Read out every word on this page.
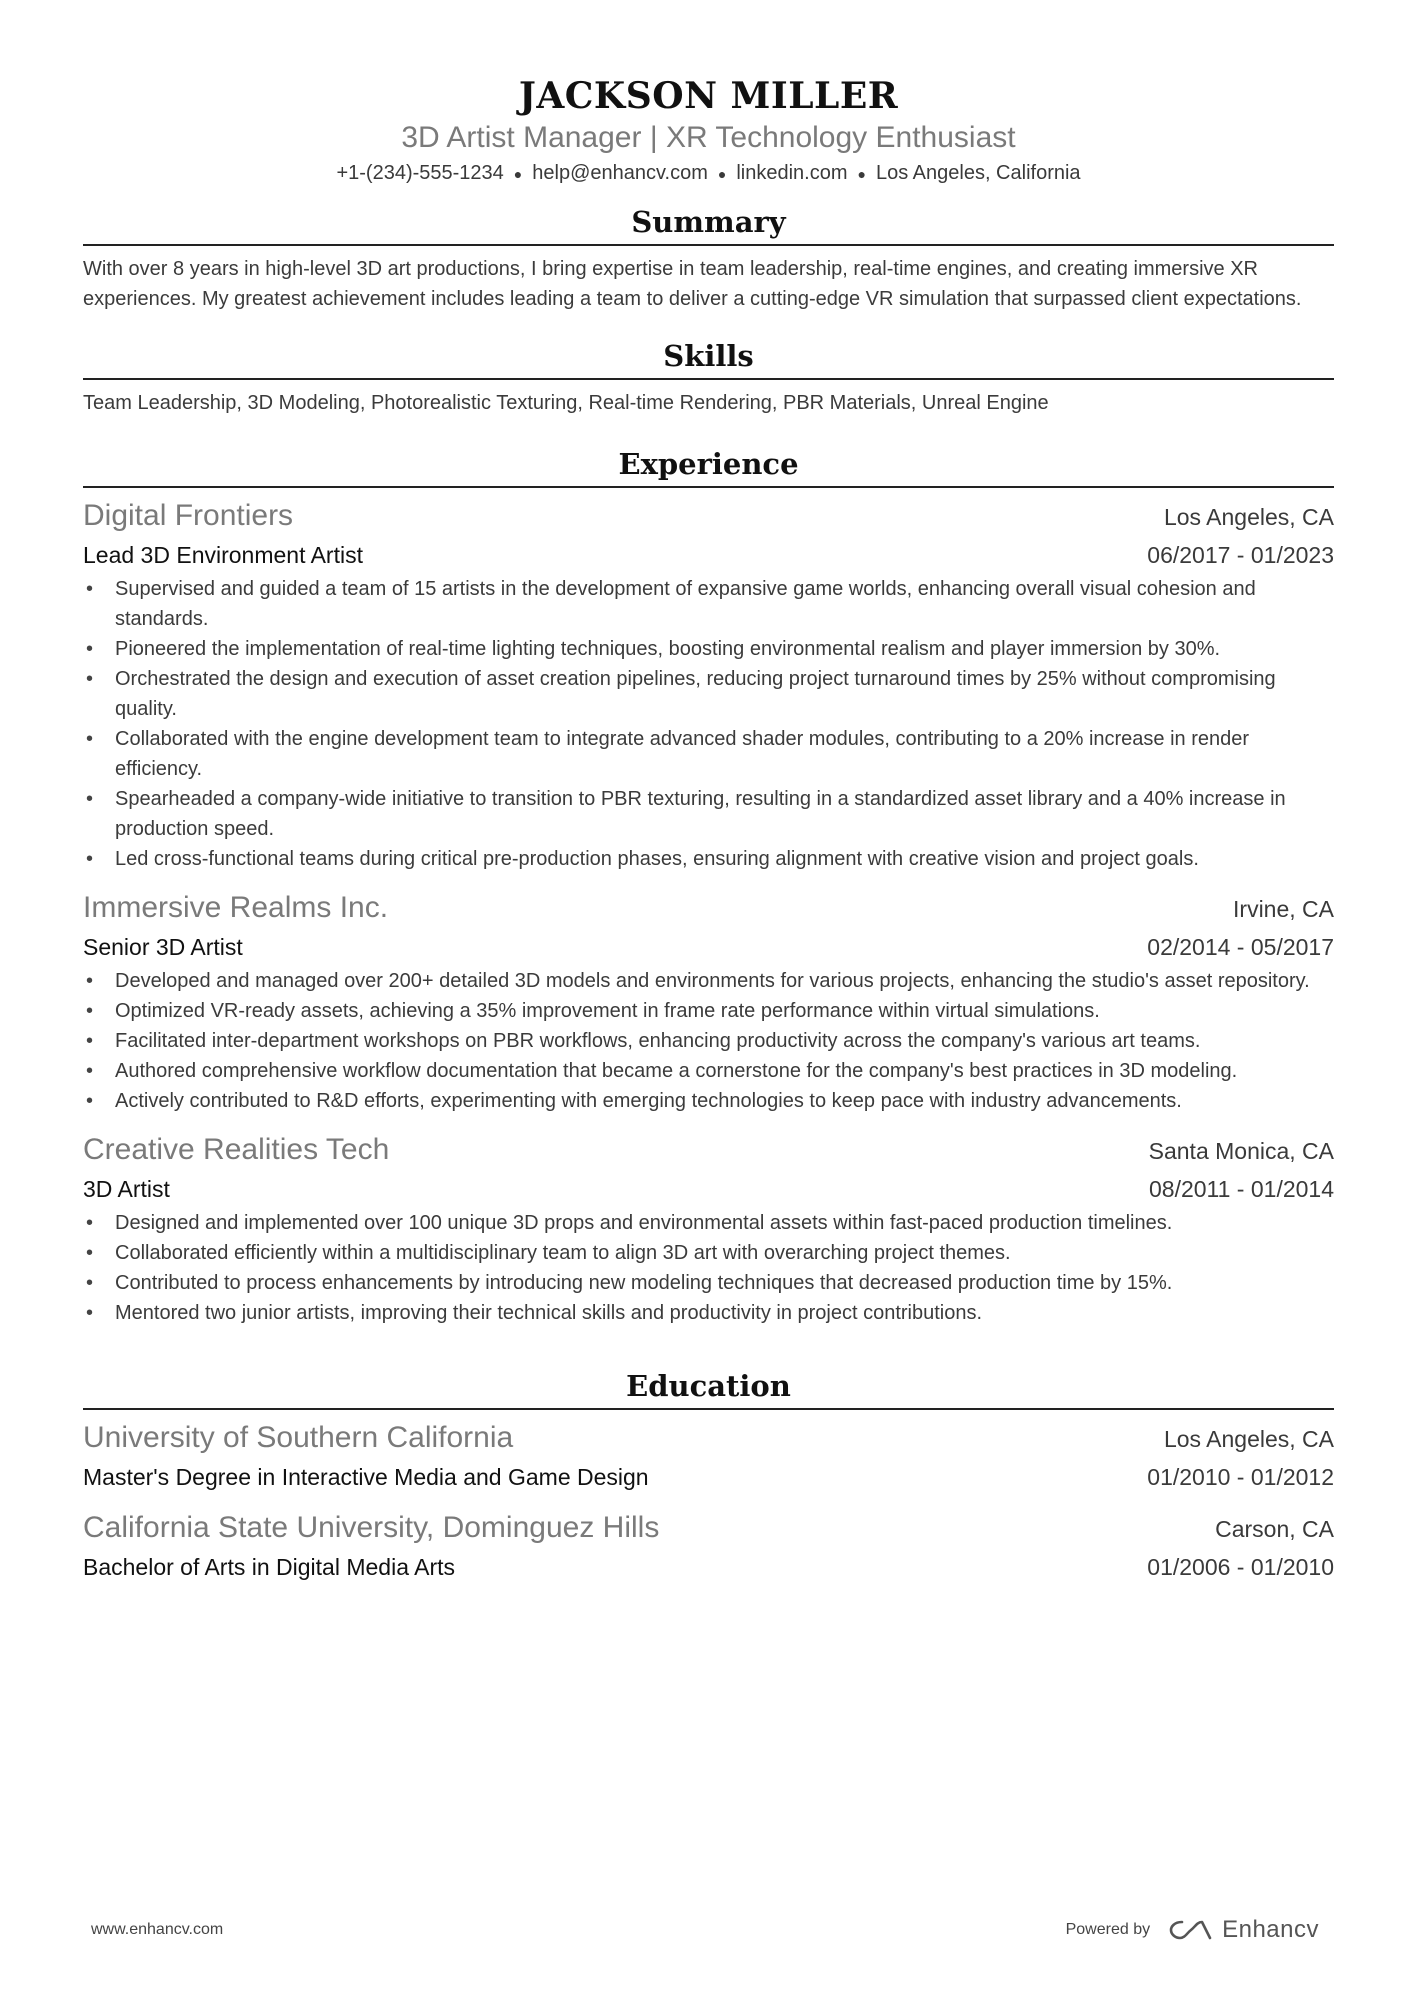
JACKSON MILLER
3D Artist Manager | XR Technology Enthusiast
+1-(234)-555-1234 ● help@enhancv.com ● linkedin.com ● Los Angeles, California
Summary
With over 8 years in high-level 3D art productions, I bring expertise in team leadership, real-time engines, and creating immersive XR experiences. My greatest achievement includes leading a team to deliver a cutting-edge VR simulation that surpassed client expectations.
Skills
Team Leadership, 3D Modeling, Photorealistic Texturing, Real-time Rendering, PBR Materials, Unreal Engine
Experience
Digital Frontiers	Los Angeles, CA
Lead 3D Environment Artist	06/2017 - 01/2023
• Supervised and guided a team of 15 artists in the development of expansive game worlds, enhancing overall visual cohesion and standards.
• Pioneered the implementation of real-time lighting techniques, boosting environmental realism and player immersion by 30%.
• Orchestrated the design and execution of asset creation pipelines, reducing project turnaround times by 25% without compromising quality.
• Collaborated with the engine development team to integrate advanced shader modules, contributing to a 20% increase in render efficiency.
• Spearheaded a company-wide initiative to transition to PBR texturing, resulting in a standardized asset library and a 40% increase in production speed.
• Led cross-functional teams during critical pre-production phases, ensuring alignment with creative vision and project goals.
Immersive Realms Inc.	Irvine, CA
Senior 3D Artist	02/2014 - 05/2017
• Developed and managed over 200+ detailed 3D models and environments for various projects, enhancing the studio's asset repository.
• Optimized VR-ready assets, achieving a 35% improvement in frame rate performance within virtual simulations.
• Facilitated inter-department workshops on PBR workflows, enhancing productivity across the company's various art teams.
• Authored comprehensive workflow documentation that became a cornerstone for the company's best practices in 3D modeling.
• Actively contributed to R&D efforts, experimenting with emerging technologies to keep pace with industry advancements.
Creative Realities Tech	Santa Monica, CA
3D Artist	08/2011 - 01/2014
• Designed and implemented over 100 unique 3D props and environmental assets within fast-paced production timelines.
• Collaborated efficiently within a multidisciplinary team to align 3D art with overarching project themes.
• Contributed to process enhancements by introducing new modeling techniques that decreased production time by 15%.
• Mentored two junior artists, improving their technical skills and productivity in project contributions.
Education
University of Southern California	Los Angeles, CA
Master's Degree in Interactive Media and Game Design	01/2010 - 01/2012
California State University, Dominguez Hills	Carson, CA
Bachelor of Arts in Digital Media Arts	01/2006 - 01/2010
www.enhancv.com	Powered by	Enhancv
